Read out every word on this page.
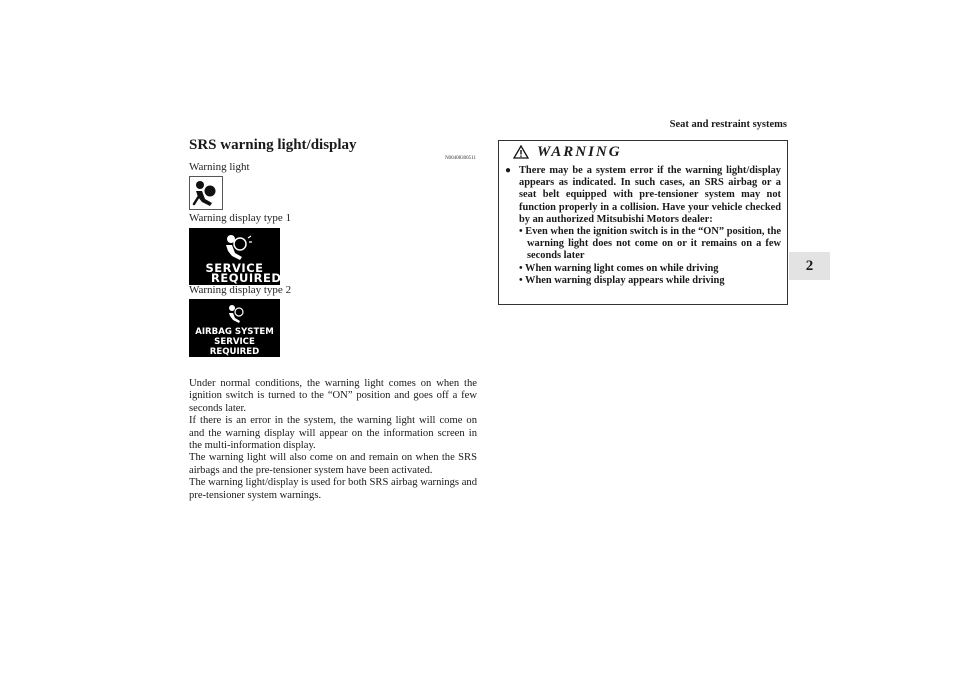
Seat and restraint systems
2
SRS warning light/display
N00408300511
Warning light
Warning display type 1
SERVICE
REQUIRED
Warning display type 2
AIRBAG SYSTEM
SERVICE REQUIRED

Under normal conditions, the warning light comes on when the ignition switch is turned to the “ON” position and goes off a few seconds later.

If there is an error in the system, the warning light will come on and the warning display will appear on the information screen in the multi-information display.

The warning light will also come on and remain on when the SRS airbags and the pre-tensioner system have been activated.

The warning light/display is used for both SRS airbag warnings and pre-tensioner system warnings.

WARNING
● There may be a system error if the warning light/display appears as indicated. In such cases, an SRS airbag or a seat belt equipped with pre-tensioner system may not function properly in a collision. Have your vehicle checked by an authorized Mitsubishi Motors dealer:
• Even when the ignition switch is in the “ON” position, the warning light does not come on or it remains on a few seconds later
• When warning light comes on while driving
• When warning display appears while driving
